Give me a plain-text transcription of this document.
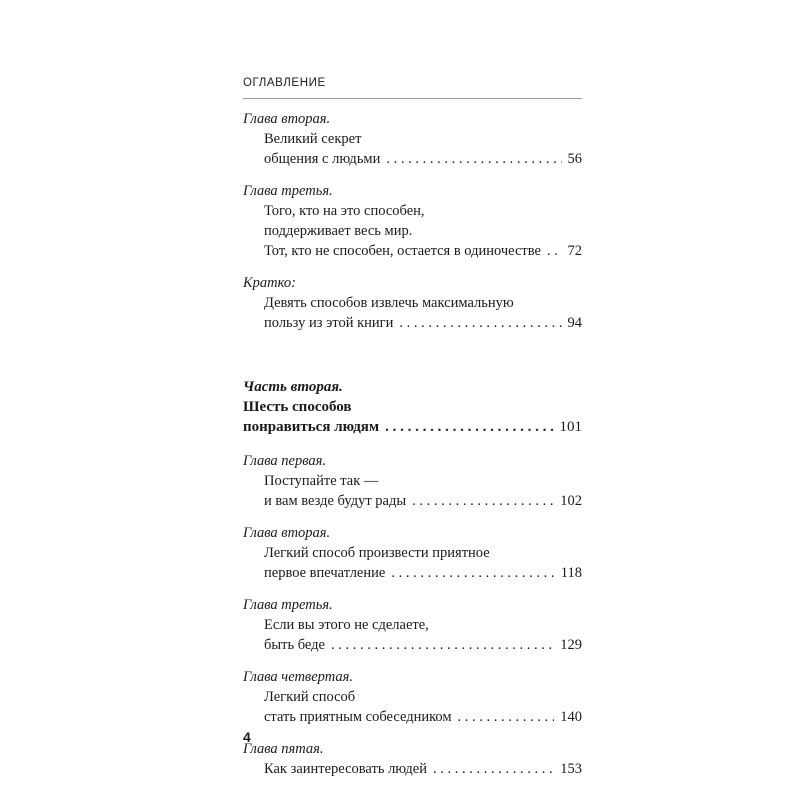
ОГЛАВЛЕНИЕ
Глава вторая.
Великий секрет
общения с людьми . . .	56
Глава третья.
Того, кто на это способен,
поддерживает весь мир.
Тот, кто не способен, остается в одиночестве . . . 72
Кратко:
Девять способов извлечь максимальную
пользу из этой книги . . .	94
Часть вторая.
Шесть способов
понравиться людям . . .	101
Глава первая.
Поступайте так —
и вам везде будут рады . . .	102
Глава вторая.
Легкий способ произвести приятное
первое впечатление . . .	118
Глава третья.
Если вы этого не сделаете,
быть беде . . .	129
Глава четвертая.
Легкий способ
стать приятным собеседником . . .	140
Глава пятая.
Как заинтересовать людей . . .	153
4
